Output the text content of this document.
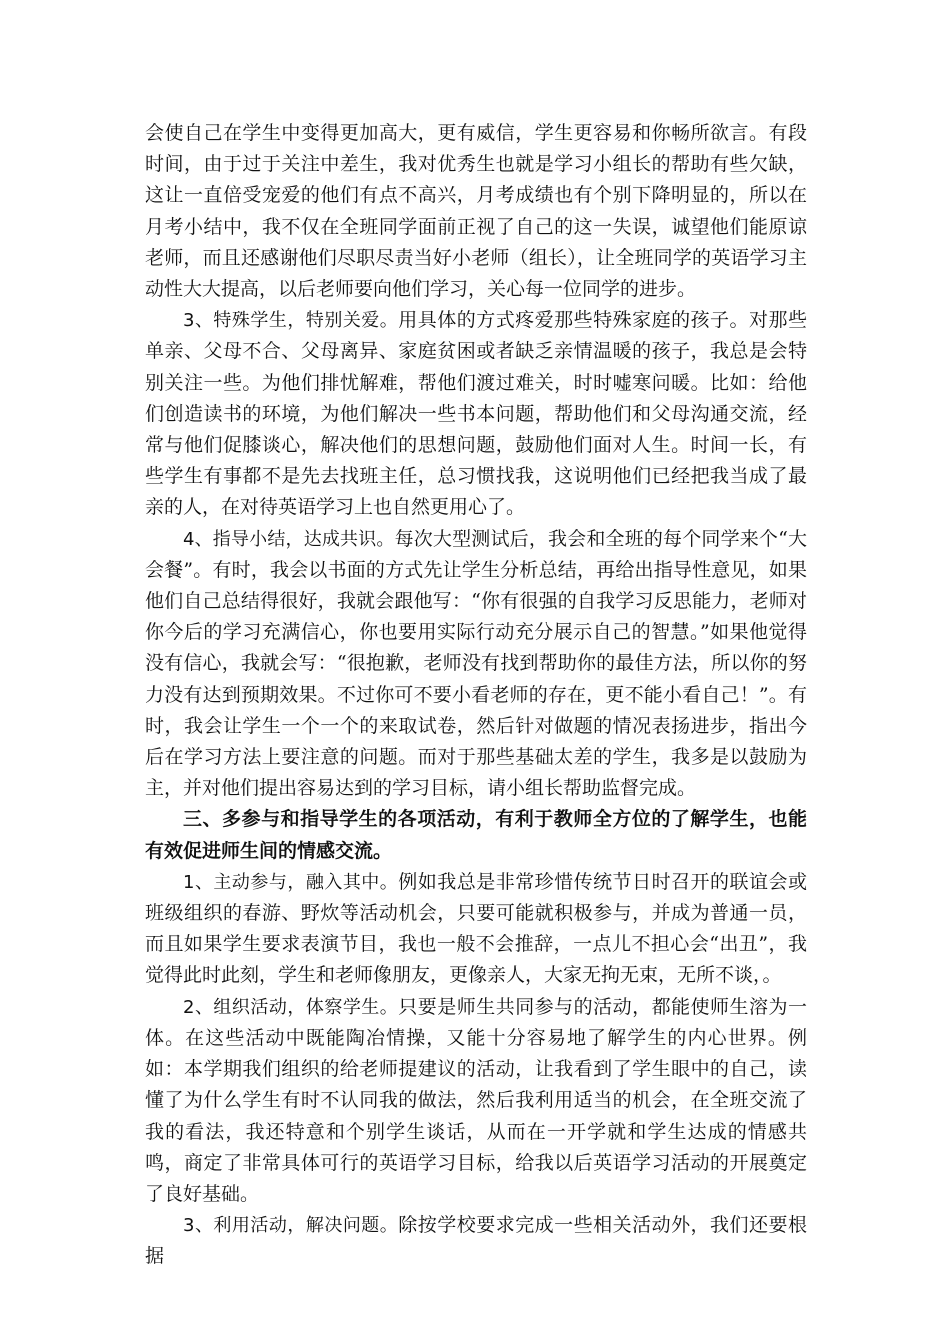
会使自己在学生中变得更加高大，更有威信，学生更容易和你畅所欲言。有段时间，由于过于关注中差生，我对优秀生也就是学习小组长的帮助有些欠缺，这让一直倍受宠爱的他们有点不高兴，月考成绩也有个别下降明显的，所以在月考小结中，我不仅在全班同学面前正视了自己的这一失误，诚望他们能原谅老师，而且还感谢他们尽职尽责当好小老师（组长），让全班同学的英语学习主动性大大提高，以后老师要向他们学习，关心每一位同学的进步。

3、特殊学生，特别关爱。用具体的方式疼爱那些特殊家庭的孩子。对那些单亲、父母不合、父母离异、家庭贫困或者缺乏亲情温暖的孩子，我总是会特别关注一些。为他们排忧解难，帮他们渡过难关，时时嘘寒问暖。比如：给他们创造读书的环境，为他们解决一些书本问题，帮助他们和父母沟通交流，经常与他们促膝谈心，解决他们的思想问题，鼓励他们面对人生。时间一长，有些学生有事都不是先去找班主任，总习惯找我，这说明他们已经把我当成了最亲的人，在对待英语学习上也自然更用心了。

4、指导小结，达成共识。每次大型测试后，我会和全班的每个同学来个“大会餐”。有时，我会以书面的方式先让学生分析总结，再给出指导性意见，如果他们自己总结得很好，我就会跟他写：“你有很强的自我学习反思能力，老师对你今后的学习充满信心，你也要用实际行动充分展示自己的智慧。”如果他觉得没有信心，我就会写：“很抱歉，老师没有找到帮助你的最佳方法，所以你的努力没有达到预期效果。不过你可不要小看老师的存在，更不能小看自己！”。有时，我会让学生一个一个的来取试卷，然后针对做题的情况表扬进步，指出今后在学习方法上要注意的问题。而对于那些基础太差的学生，我多是以鼓励为主，并对他们提出容易达到的学习目标，请小组长帮助监督完成。

三、多参与和指导学生的各项活动，有利于教师全方位的了解学生，也能有效促进师生间的情感交流。

1、主动参与，融入其中。例如我总是非常珍惜传统节日时召开的联谊会或班级组织的春游、野炊等活动机会，只要可能就积极参与，并成为普通一员，而且如果学生要求表演节目，我也一般不会推辞，一点儿不担心会“出丑”，我觉得此时此刻，学生和老师像朋友，更像亲人，大家无拘无束，无所不谈，。

2、组织活动，体察学生。只要是师生共同参与的活动，都能使师生溶为一体。在这些活动中既能陶冶情操，又能十分容易地了解学生的内心世界。例如：本学期我们组织的给老师提建议的活动，让我看到了学生眼中的自己，读懂了为什么学生有时不认同我的做法，然后我利用适当的机会，在全班交流了我的看法，我还特意和个别学生谈话，从而在一开学就和学生达成的情感共鸣，商定了非常具体可行的英语学习目标，给我以后英语学习活动的开展奠定了良好基础。

3、利用活动，解决问题。除按学校要求完成一些相关活动外，我们还要根据
